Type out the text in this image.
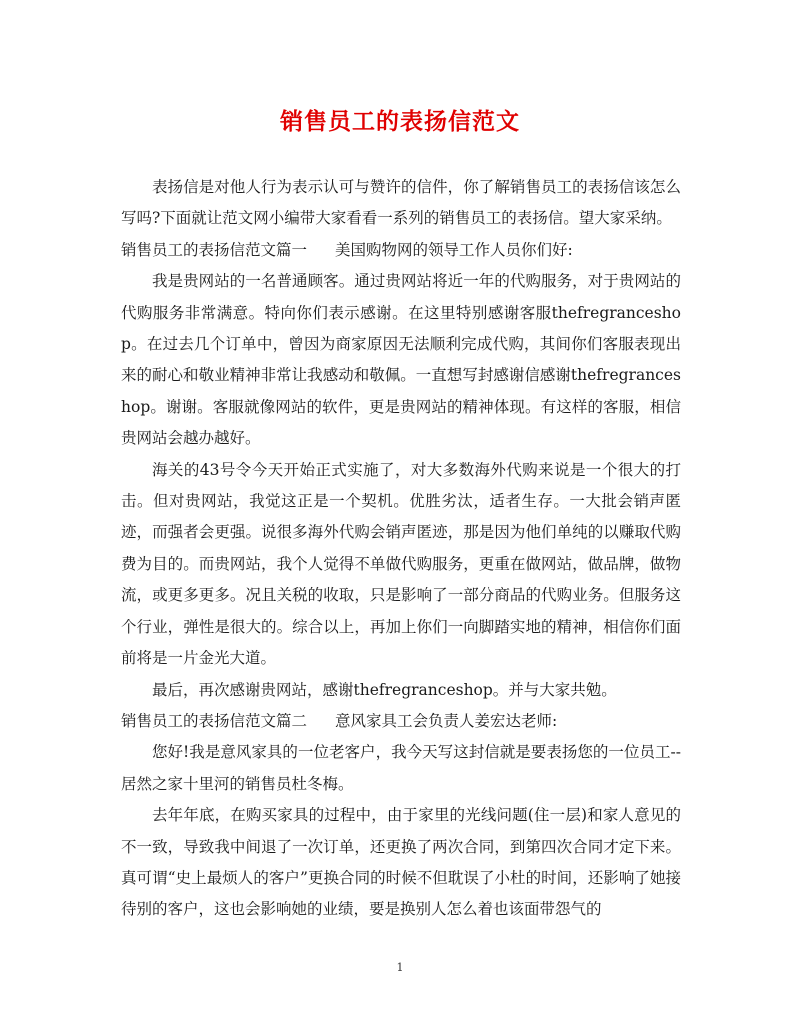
销售员工的表扬信范文

表扬信是对他人行为表示认可与赞许的信件，你了解销售员工的表扬信该怎么写吗?下面就让范文网小编带大家看看一系列的销售员工的表扬信。望大家采纳。

销售员工的表扬信范文篇一 美国购物网的领导工作人员你们好:

我是贵网站的一名普通顾客。通过贵网站将近一年的代购服务，对于贵网站的代购服务非常满意。特向你们表示感谢。在这里特别感谢客服thefregranceshop。在过去几个订单中，曾因为商家原因无法顺利完成代购，其间你们客服表现出来的耐心和敬业精神非常让我感动和敬佩。一直想写封感谢信感谢thefregranceshop。谢谢。客服就像网站的软件，更是贵网站的精神体现。有这样的客服，相信贵网站会越办越好。

海关的43号令今天开始正式实施了，对大多数海外代购来说是一个很大的打击。但对贵网站，我觉这正是一个契机。优胜劣汰，适者生存。一大批会销声匿迹，而强者会更强。说很多海外代购会销声匿迹，那是因为他们单纯的以赚取代购费为目的。而贵网站，我个人觉得不单做代购服务，更重在做网站，做品牌，做物流，或更多更多。况且关税的收取，只是影响了一部分商品的代购业务。但服务这个行业，弹性是很大的。综合以上，再加上你们一向脚踏实地的精神，相信你们面前将是一片金光大道。

最后，再次感谢贵网站，感谢thefregranceshop。并与大家共勉。

销售员工的表扬信范文篇二 意风家具工会负责人姜宏达老师:

您好!我是意风家具的一位老客户，我今天写这封信就是要表扬您的一位员工--居然之家十里河的销售员杜冬梅。

去年年底，在购买家具的过程中，由于家里的光线问题(住一层)和家人意见的不一致，导致我中间退了一次订单，还更换了两次合同，到第四次合同才定下来。真可谓“史上最烦人的客户”更换合同的时候不但耽误了小杜的时间，还影响了她接待别的客户，这也会影响她的业绩，要是换别人怎么着也该面带怨气的

1
